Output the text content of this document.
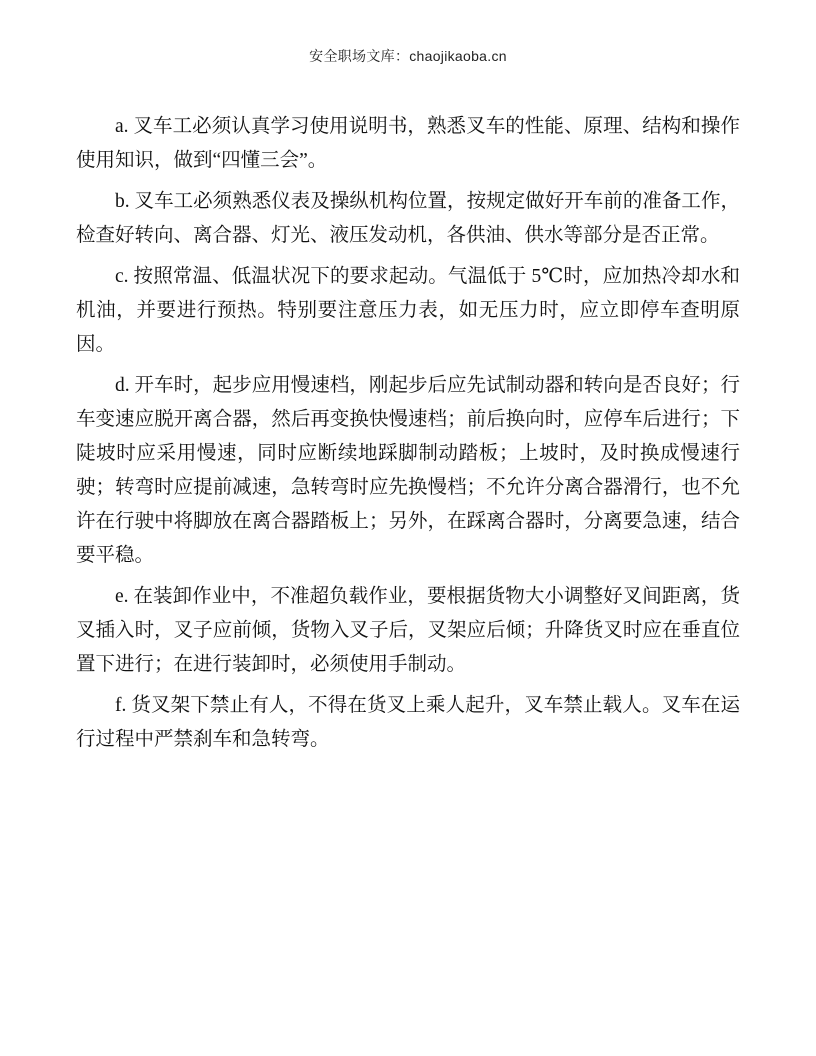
安全职场文库：chaojikaoba.cn

a. 叉车工必须认真学习使用说明书，熟悉叉车的性能、原理、结构和操作使用知识，做到“四懂三会”。

b. 叉车工必须熟悉仪表及操纵机构位置，按规定做好开车前的准备工作，检查好转向、离合器、灯光、液压发动机，各供油、供水等部分是否正常。

c. 按照常温、低温状况下的要求起动。气温低于 5℃时，应加热冷却水和机油，并要进行预热。特别要注意压力表，如无压力时，应立即停车查明原因。

d. 开车时，起步应用慢速档，刚起步后应先试制动器和转向是否良好；行车变速应脱开离合器，然后再变换快慢速档；前后换向时，应停车后进行；下陡坡时应采用慢速，同时应断续地踩脚制动踏板；上坡时，及时换成慢速行驶；转弯时应提前减速，急转弯时应先换慢档；不允许分离合器滑行，也不允许在行驶中将脚放在离合器踏板上；另外，在踩离合器时，分离要急速，结合要平稳。

e. 在装卸作业中，不准超负载作业，要根据货物大小调整好叉间距离，货叉插入时，叉子应前倾，货物入叉子后，叉架应后倾；升降货叉时应在垂直位置下进行；在进行装卸时，必须使用手制动。

f. 货叉架下禁止有人，不得在货叉上乘人起升，叉车禁止载人。叉车在运行过程中严禁刹车和急转弯。
